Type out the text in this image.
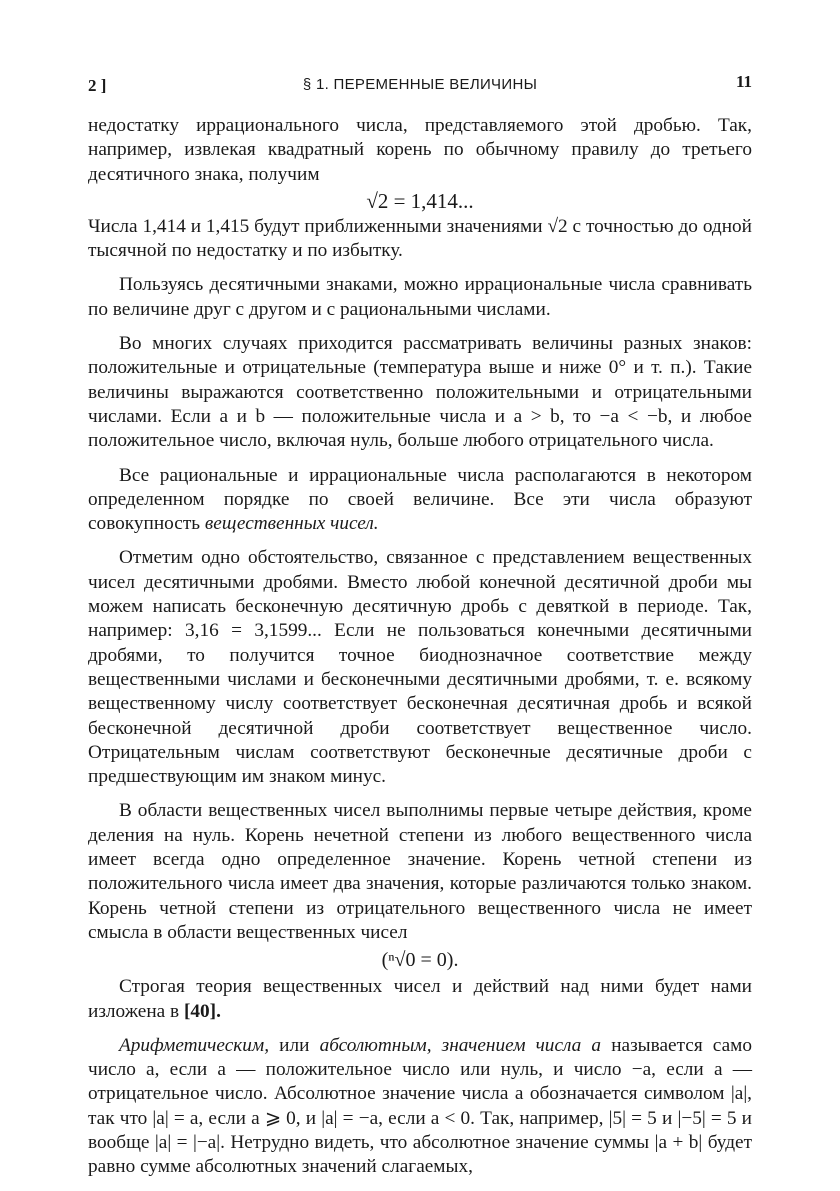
2 ]	§ 1. ПЕРЕМЕННЫЕ ВЕЛИЧИНЫ	11

недостатку иррационального числа, представляемого этой дробью. Так, например, извлекая квадратный корень по обычному правилу до третьего десятичного знака, получим

√2 = 1,414...

Числа 1,414 и 1,415 будут приближенными значениями √2 с точностью до одной тысячной по недостатку и по избытку.

Пользуясь десятичными знаками, можно иррациональные числа сравнивать по величине друг с другом и с рациональными числами.

Во многих случаях приходится рассматривать величины разных знаков: положительные и отрицательные (температура выше и ниже 0° и т. п.). Такие величины выражаются соответственно положительными и отрицательными числами. Если a и b — положительные числа и a > b, то −a < −b, и любое положительное число, включая нуль, больше любого отрицательного числа.

Все рациональные и иррациональные числа располагаются в некотором определенном порядке по своей величине. Все эти числа образуют совокупность вещественных чисел.

Отметим одно обстоятельство, связанное с представлением вещественных чисел десятичными дробями. Вместо любой конечной десятичной дроби мы можем написать бесконечную десятичную дробь с девяткой в периоде. Так, например: 3,16 = 3,1599... Если не пользоваться конечными десятичными дробями, то получится точное биоднозначное соответствие между вещественными числами и бесконечными десятичными дробями, т. е. всякому вещественному числу соответствует бесконечная десятичная дробь и всякой бесконечной десятичной дроби соответствует вещественное число. Отрицательным числам соответствуют бесконечные десятичные дроби с предшествующим им знаком минус.

В области вещественных чисел выполнимы первые четыре действия, кроме деления на нуль. Корень нечетной степени из любого вещественного числа имеет всегда одно определенное значение. Корень четной степени из положительного числа имеет два значения, которые различаются только знаком. Корень четной степени из отрицательного вещественного числа не имеет смысла в области вещественных чисел

(ⁿ√0 = 0).

Строгая теория вещественных чисел и действий над ними будет нами изложена в [40].

Арифметическим, или абсолютным, значением числа a называется само число a, если a — положительное число или нуль, и число −a, если a — отрицательное число. Абсолютное значение числа a обозначается символом |a|, так что |a| = a, если a ⩾ 0, и |a| = −a, если a < 0. Так, например, |5| = 5 и |−5| = 5 и вообще |a| = |−a|. Нетрудно видеть, что абсолютное значение суммы |a + b| будет равно сумме абсолютных значений слагаемых,
